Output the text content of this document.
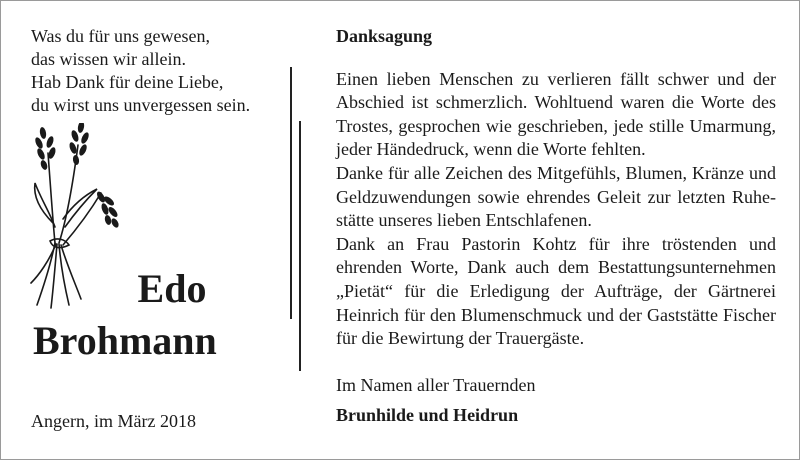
Was du für uns gewesen,
das wissen wir allein.
Hab Dank für deine Liebe,
du wirst uns unvergessen sein.
Edo
Brohmann
Angern, im März 2018
Danksagung
Einen lieben Menschen zu verlieren fällt schwer und der
Abschied ist schmerzlich. Wohltuend waren die Worte des
Trostes, gesprochen wie geschrieben, jede stille Umarmung,
jeder Händedruck, wenn die Worte fehlten.
Danke für alle Zeichen des Mitgefühls, Blumen, Kränze und
Geldzuwendungen sowie ehrendes Geleit zur letzten Ruhe-
stätte unseres lieben Entschlafenen.
Dank an Frau Pastorin Kohtz für ihre tröstenden und
ehrenden Worte, Dank auch dem Bestattungsunternehmen
„Pietät“ für die Erledigung der Aufträge, der Gärtnerei
Heinrich für den Blumenschmuck und der Gaststätte Fischer
für die Bewirtung der Trauergäste.
Im Namen aller Trauernden
Brunhilde und Heidrun
